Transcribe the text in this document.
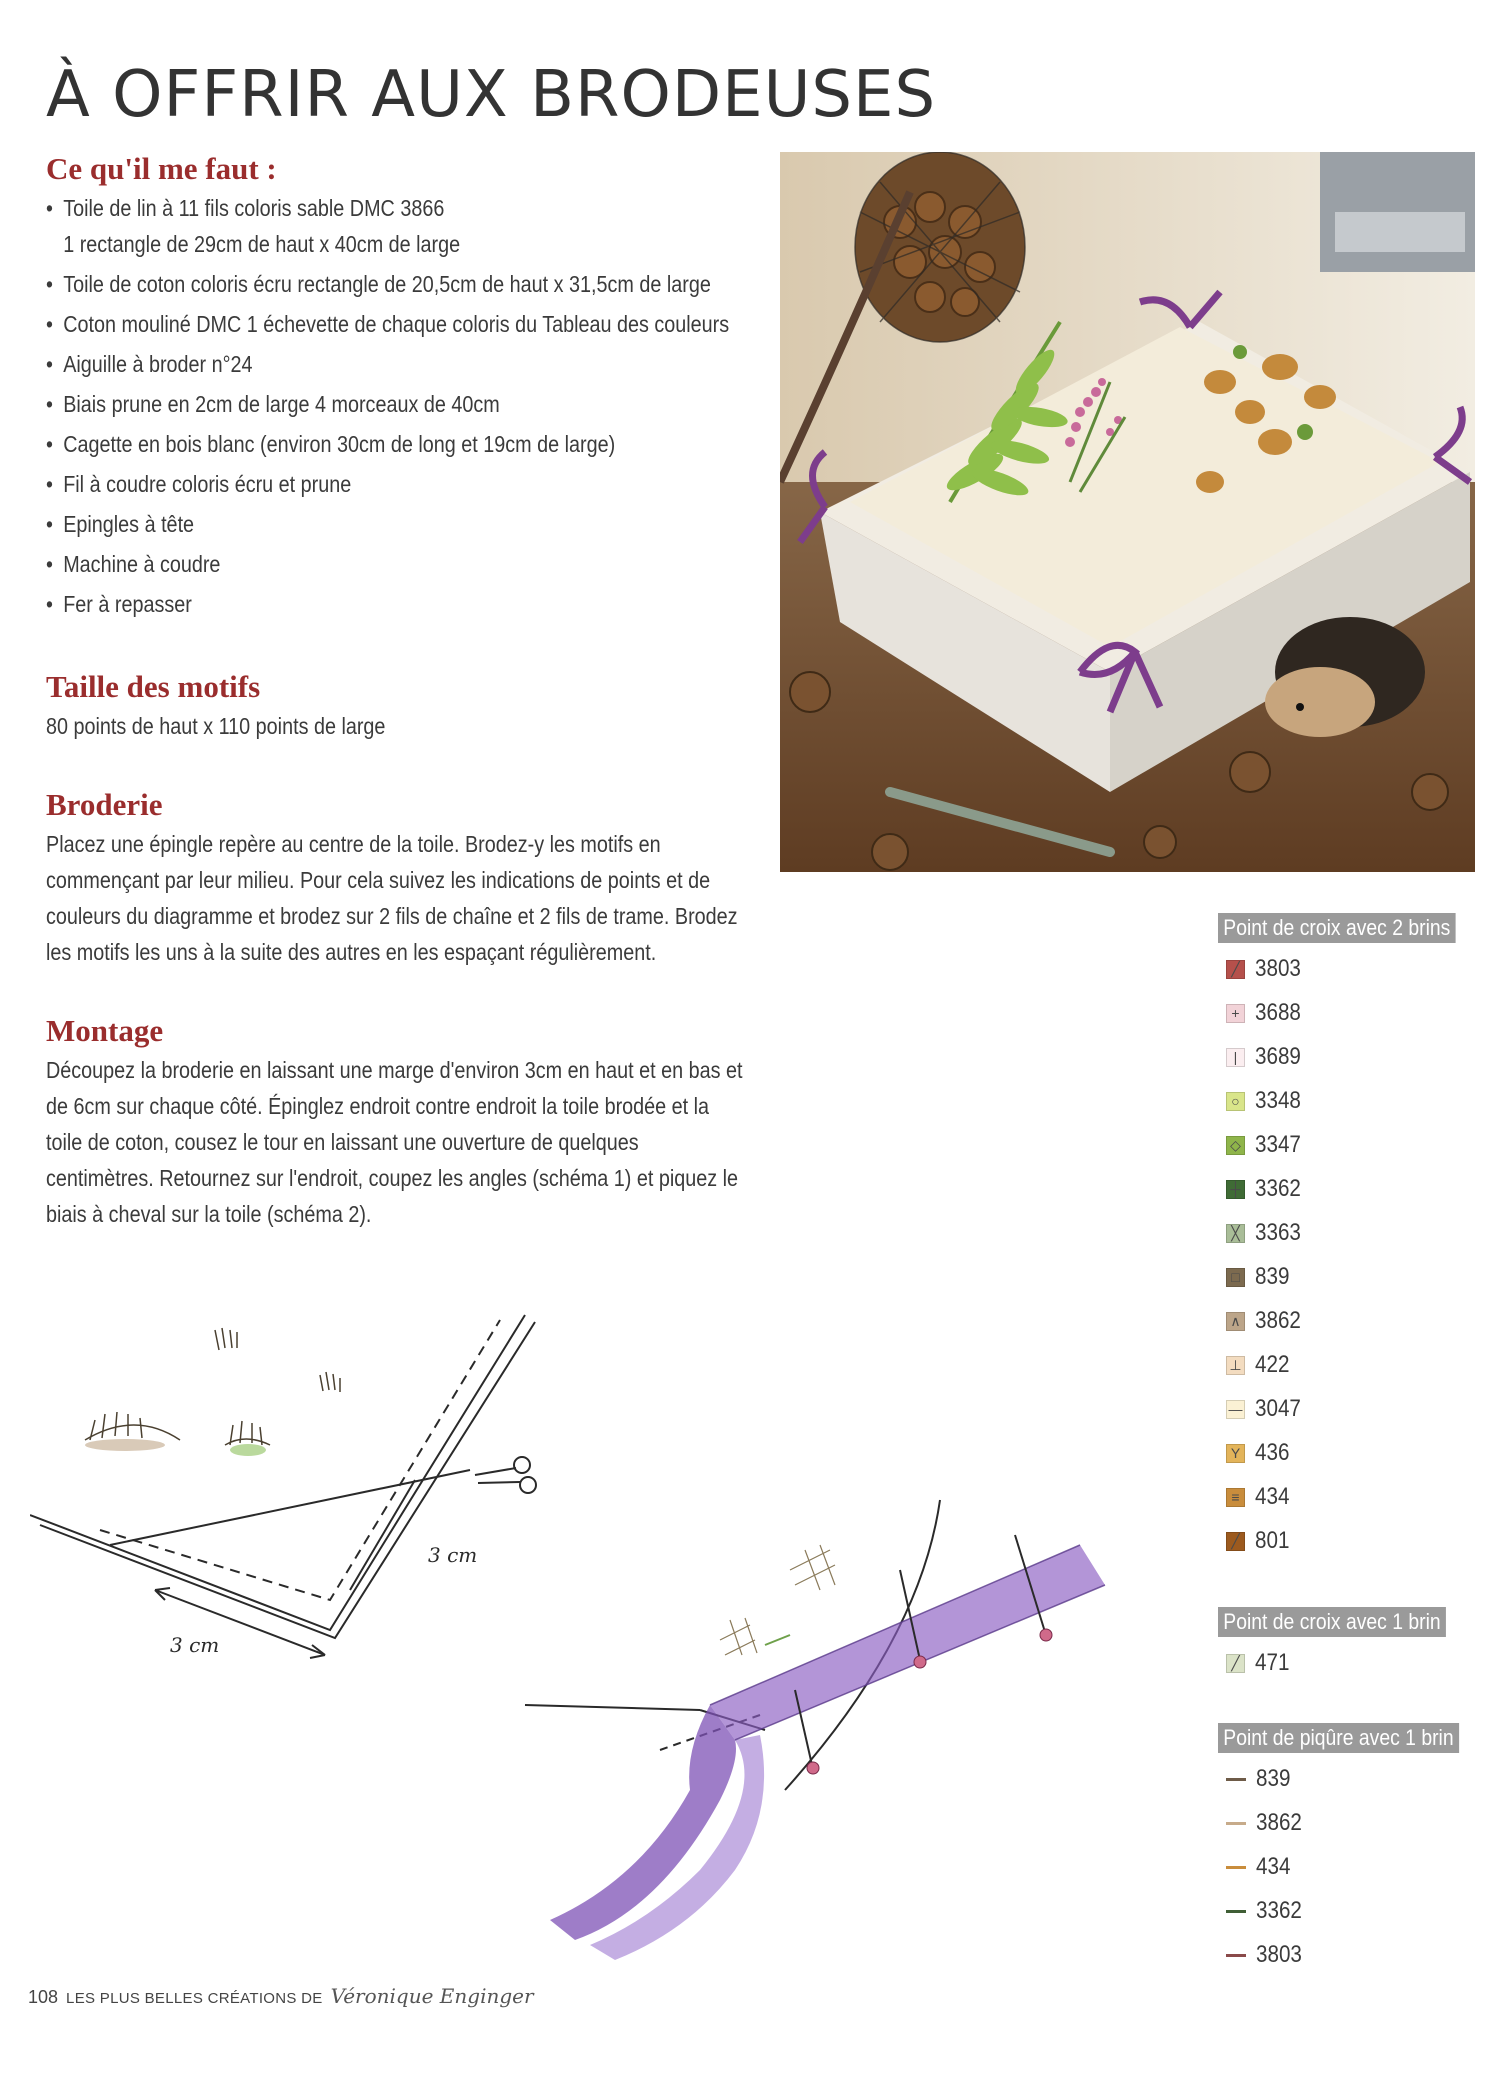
À OFFRIR AUX BRODEUSES
Ce qu'il me faut :
• Toile de lin à 11 fils coloris sable DMC 3866
1 rectangle de 29cm de haut x 40cm de large
• Toile de coton coloris écru rectangle de 20,5cm de haut x 31,5cm de large
• Coton mouliné DMC 1 échevette de chaque coloris du Tableau des couleurs
• Aiguille à broder n°24
• Biais prune en 2cm de large 4 morceaux de 40cm
• Cagette en bois blanc (environ 30cm de long et 19cm de large)
• Fil à coudre coloris écru et prune
• Epingles à tête
• Machine à coudre
• Fer à repasser
Taille des motifs
80 points de haut x 110 points de large
Broderie
Placez une épingle repère au centre de la toile. Brodez-y les motifs en commençant par leur milieu. Pour cela suivez les indications de points et de couleurs du diagramme et brodez sur 2 fils de chaîne et 2 fils de trame. Brodez les motifs les uns à la suite des autres en les espaçant régulièrement.
Montage
Découpez la broderie en laissant une marge d'environ 3cm en haut et en bas et de 6cm sur chaque côté. Épinglez endroit contre endroit la toile brodée et la toile de coton, cousez le tour en laissant une ouverture de quelques centimètres. Retournez sur l'endroit, coupez les angles (schéma 1) et piquez le biais à cheval sur la toile (schéma 2).
3 cm
3 cm
Point de croix avec 2 brins
╱ 3803
+ 3688
| 3689
○ 3348
◇ 3347
┼ 3362
╳ 3363
□ 839
∧ 3862
⊥ 422
— 3047
Y 436
≡ 434
╱ 801
Point de croix avec 1 brin
╱ 471
Point de piqûre avec 1 brin
839
3862
434
3362
3803
108 LES PLUS BELLES CRÉATIONS DE Véronique Enginger
